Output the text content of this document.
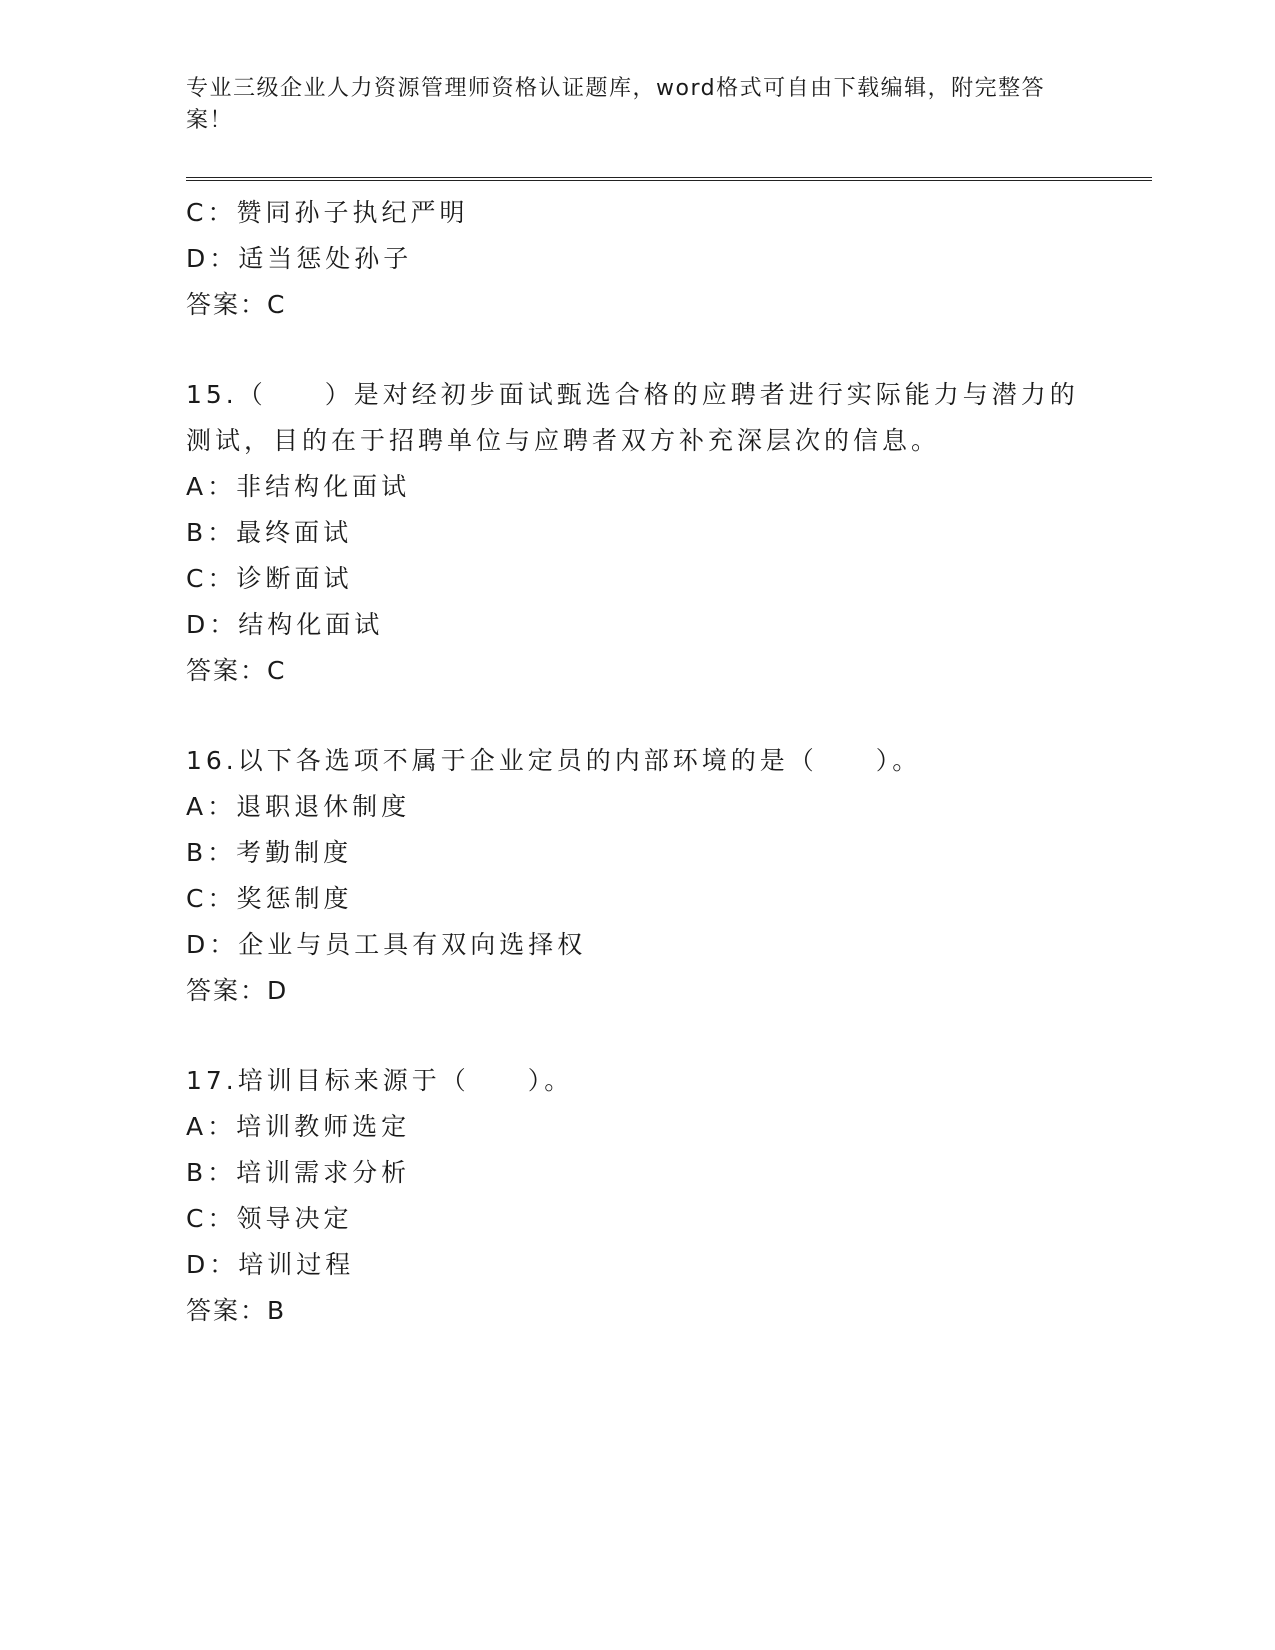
专业三级企业人力资源管理师资格认证题库，word格式可自由下载编辑，附完整答案！
C：赞同孙子执纪严明
D：适当惩处孙子
答案：C
15.（　　）是对经初步面试甄选合格的应聘者进行实际能力与潜力的测试，目的在于招聘单位与应聘者双方补充深层次的信息。
A：非结构化面试
B：最终面试
C：诊断面试
D：结构化面试
答案：C
16.以下各选项不属于企业定员的内部环境的是（　　）。
A：退职退休制度
B：考勤制度
C：奖惩制度
D：企业与员工具有双向选择权
答案：D
17.培训目标来源于（　　）。
A：培训教师选定
B：培训需求分析
C：领导决定
D：培训过程
答案：B
